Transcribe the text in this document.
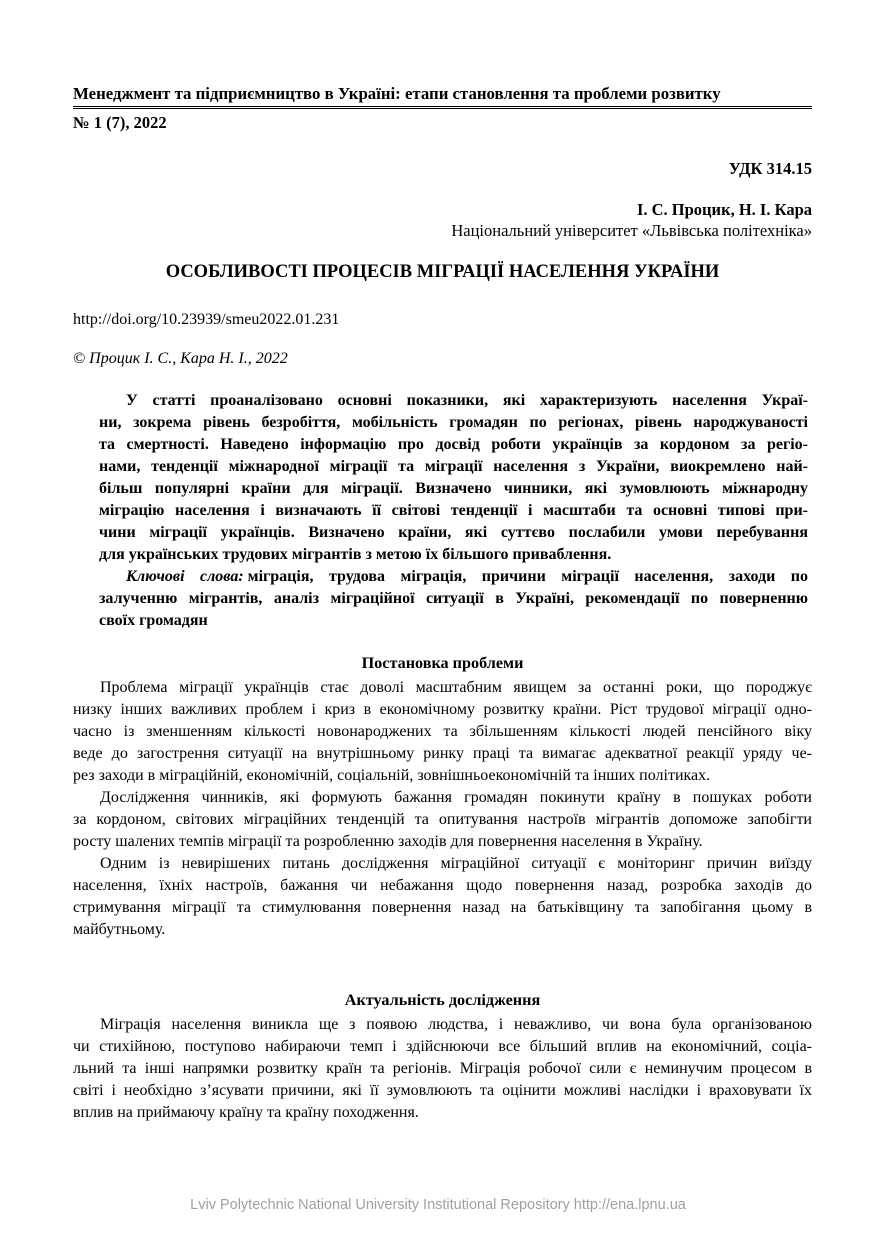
Менеджмент та підприємництво в Україні: етапи становлення та проблеми розвитку
№ 1 (7), 2022
УДК 314.15
І. С. Процик, Н. І. Кара
Національний університет «Львівська політехніка»
ОСОБЛИВОСТІ ПРОЦЕСІВ МІГРАЦІЇ НАСЕЛЕННЯ УКРАЇНИ
http://doi.org/10.23939/smeu2022.01.231
© Процик І. С., Кара Н. І., 2022
У статті проаналізовано основні показники, які характеризують населення Украї-
ни, зокрема рівень безробіття, мобільність громадян по регіонах, рівень народжуваності
та смертності. Наведено інформацію про досвід роботи українців за кордоном за регіо-
нами, тенденції міжнародної міграції та міграції населення з України, виокремлено най-
більш популярні країни для міграції. Визначено чинники, які зумовлюють міжнародну
міграцію населення і визначають її світові тенденції і масштаби та основні типові при-
чини міграції українців. Визначено країни, які суттєво послабили умови перебування
для українських трудових мігрантів з метою їх більшого приваблення.
Ключові слова: міграція, трудова міграція, причини міграції населення, заходи по
залученню мігрантів, аналіз міграційної ситуації в Україні, рекомендації по поверненню
своїх громадян
Постановка проблеми
Проблема міграції українців стає доволі масштабним явищем за останні роки, що породжує
низку інших важливих проблем і криз в економічному розвитку країни. Ріст трудової міграції одно-
часно із зменшенням кількості новонароджених та збільшенням кількості людей пенсійного віку
веде до загострення ситуації на внутрішньому ринку праці та вимагає адекватної реакції уряду че-
рез заходи в міграційній, економічній, соціальній, зовнішньоекономічній та інших політиках.
Дослідження чинників, які формують бажання громадян покинути країну в пошуках роботи
за кордоном, світових міграційних тенденцій та опитування настроїв мігрантів допоможе запобігти
росту шалених темпів міграції та розробленню заходів для повернення населення в Україну.
Одним із невирішених питань дослідження міграційної ситуації є моніторинг причин виїзду
населення, їхніх настроїв, бажання чи небажання щодо повернення назад, розробка заходів до
стримування міграції та стимулювання повернення назад на батьківщину та запобігання цьому в
майбутньому.
Актуальність дослідження
Міграція населення виникла ще з появою людства, і неважливо, чи вона була організованою
чи стихійною, поступово набираючи темп і здійснюючи все більший вплив на економічний, соціа-
льний та інші напрямки розвитку країн та регіонів. Міграція робочої сили є неминучим процесом в
світі і необхідно з’ясувати причини, які її зумовлюють та оцінити можливі наслідки і враховувати їх
вплив на приймаючу країну та країну походження.
Lviv Polytechnic National University Institutional Repository http://ena.lpnu.ua
